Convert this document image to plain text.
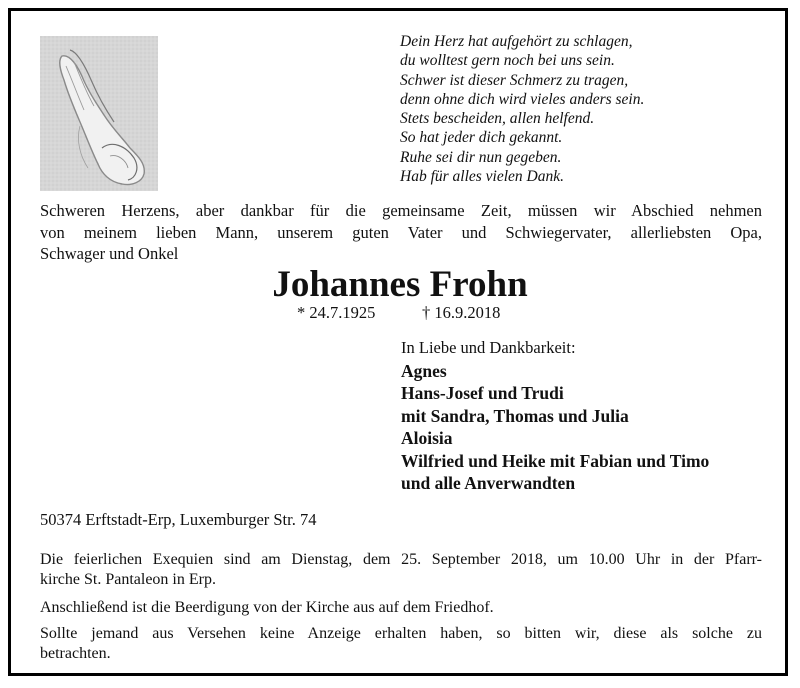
Dein Herz hat aufgehört zu schlagen,
du wolltest gern noch bei uns sein.
Schwer ist dieser Schmerz zu tragen,
denn ohne dich wird vieles anders sein.
Stets bescheiden, allen helfend.
So hat jeder dich gekannt.
Ruhe sei dir nun gegeben.
Hab für alles vielen Dank.
Schweren Herzens, aber dankbar für die gemeinsame Zeit, müssen wir Abschied nehmen
von meinem lieben Mann, unserem guten Vater und Schwiegervater, allerliebsten Opa,
Schwager und Onkel
Johannes Frohn
* 24.7.1925	† 16.9.2018
In Liebe und Dankbarkeit:
Agnes
Hans-Josef und Trudi
mit Sandra, Thomas und Julia
Aloisia
Wilfried und Heike mit Fabian und Timo
und alle Anverwandten
50374 Erftstadt-Erp, Luxemburger Str. 74
Die feierlichen Exequien sind am Dienstag, dem 25. September 2018, um 10.00 Uhr in der Pfarr-
kirche St. Pantaleon in Erp.
Anschließend ist die Beerdigung von der Kirche aus auf dem Friedhof.
Sollte jemand aus Versehen keine Anzeige erhalten haben, so bitten wir, diese als solche zu
betrachten.
